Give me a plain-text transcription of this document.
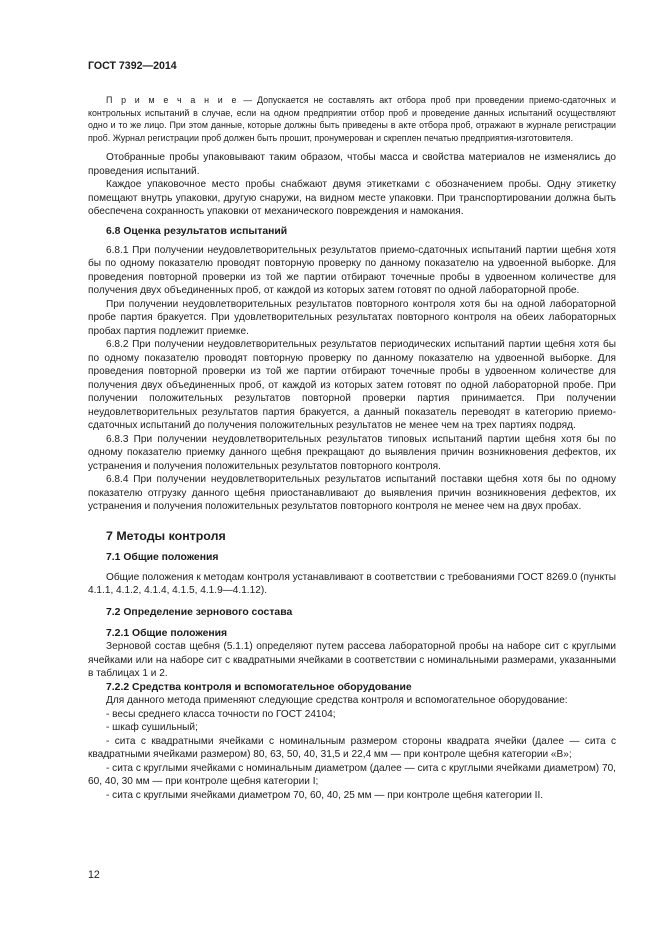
ГОСТ 7392—2014

П р и м е ч а н и е — Допускается не составлять акт отбора проб при проведении приемо-сдаточных и контрольных испытаний в случае, если на одном предприятии отбор проб и проведение данных испытаний осуществляют одно и то же лицо. При этом данные, которые должны быть приведены в акте отбора проб, отражают в журнале регистрации проб. Журнал регистрации проб должен быть прошит, пронумерован и скреплен печатью предприятия-изготовителя.

Отобранные пробы упаковывают таким образом, чтобы масса и свойства материалов не изменялись до проведения испытаний.

Каждое упаковочное место пробы снабжают двумя этикетками с обозначением пробы. Одну этикетку помещают внутрь упаковки, другую снаружи, на видном месте упаковки. При транспортировании должна быть обеспечена сохранность упаковки от механического повреждения и намокания.

6.8 Оценка результатов испытаний

6.8.1 При получении неудовлетворительных результатов приемо-сдаточных испытаний партии щебня хотя бы по одному показателю проводят повторную проверку по данному показателю на удвоенной выборке. Для проведения повторной проверки из той же партии отбирают точечные пробы в удвоенном количестве для получения двух объединенных проб, от каждой из которых затем готовят по одной лабораторной пробе.

При получении неудовлетворительных результатов повторного контроля хотя бы на одной лабораторной пробе партия бракуется. При удовлетворительных результатах повторного контроля на обеих лабораторных пробах партия подлежит приемке.

6.8.2 При получении неудовлетворительных результатов периодических испытаний партии щебня хотя бы по одному показателю проводят повторную проверку по данному показателю на удвоенной выборке. Для проведения повторной проверки из той же партии отбирают точечные пробы в удвоенном количестве для получения двух объединенных проб, от каждой из которых затем готовят по одной лабораторной пробе. При получении положительных результатов повторной проверки партия принимается. При получении неудовлетворительных результатов партия бракуется, а данный показатель переводят в категорию приемо-сдаточных испытаний до получения положительных результатов не менее чем на трех партиях подряд.

6.8.3 При получении неудовлетворительных результатов типовых испытаний партии щебня хотя бы по одному показателю приемку данного щебня прекращают до выявления причин возникновения дефектов, их устранения и получения положительных результатов повторного контроля.

6.8.4 При получении неудовлетворительных результатов испытаний поставки щебня хотя бы по одному показателю отгрузку данного щебня приостанавливают до выявления причин возникновения дефектов, их устранения и получения положительных результатов повторного контроля не менее чем на двух пробах.

7 Методы контроля
7.1 Общие положения

Общие положения к методам контроля устанавливают в соответствии с требованиями ГОСТ 8269.0 (пункты 4.1.1, 4.1.2, 4.1.4, 4.1.5, 4.1.9—4.1.12).

7.2 Определение зернового состава
7.2.1 Общие положения

Зерновой состав щебня (5.1.1) определяют путем рассева лабораторной пробы на наборе сит с круглыми ячейками или на наборе сит с квадратными ячейками в соответствии с номинальными размерами, указанными в таблицах 1 и 2.

7.2.2 Средства контроля и вспомогательное оборудование

Для данного метода применяют следующие средства контроля и вспомогательное оборудование:

- весы среднего класса точности по ГОСТ 24104;

- шкаф сушильный;

- сита с квадратными ячейками с номинальным размером стороны квадрата ячейки (далее — сита с квадратными ячейками размером) 80, 63, 50, 40, 31,5 и 22,4 мм — при контроле щебня категории «В»;

- сита с круглыми ячейками с номинальным диаметром (далее — сита с круглыми ячейками диаметром) 70, 60, 40, 30 мм — при контроле щебня категории I;

- сита с круглыми ячейками диаметром 70, 60, 40, 25 мм — при контроле щебня категории II.

12
